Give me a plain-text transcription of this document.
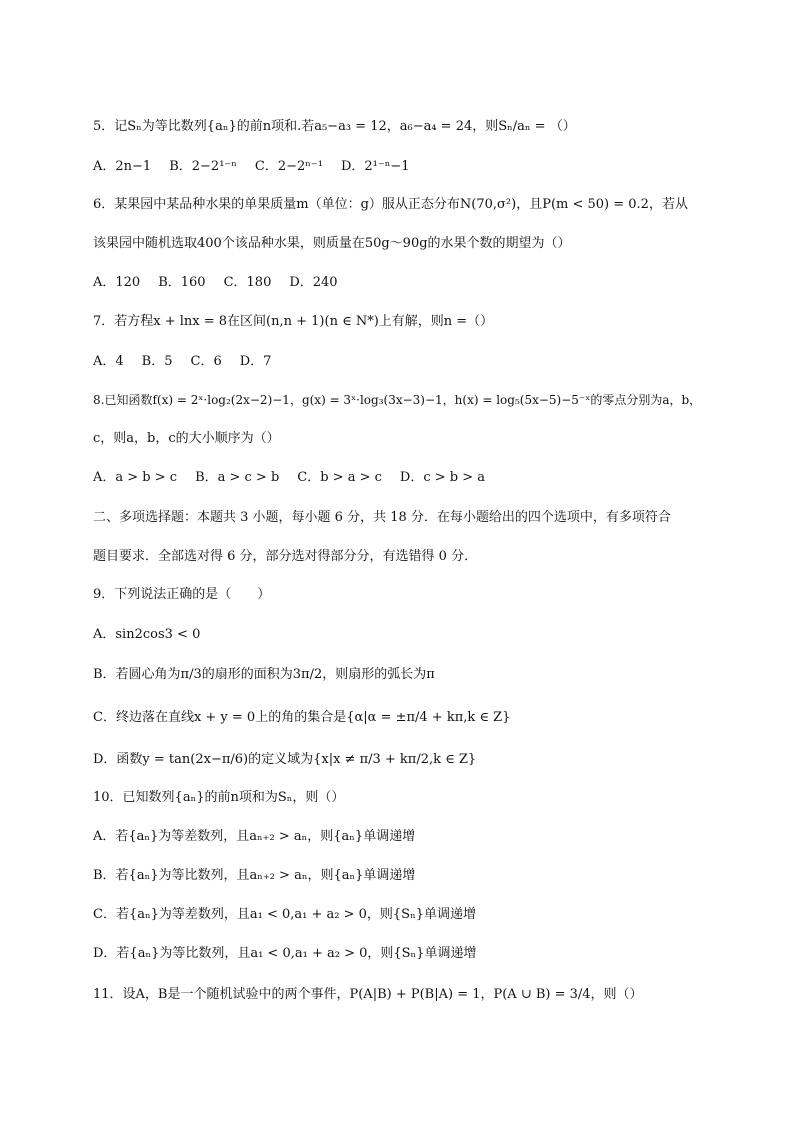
5．记Sₙ为等比数列{aₙ}的前n项和.若a₅−a₃ = 12，a₆−a₄ = 24，则Sₙ/aₙ = （）
A．2n−1 B．2−2¹⁻ⁿ C．2−2ⁿ⁻¹ D．2¹⁻ⁿ−1
6．某果园中某品种水果的单果质量m（单位：g）服从正态分布N(70,σ²)，且P(m < 50) = 0.2，若从
该果园中随机选取400个该品种水果，则质量在50g～90g的水果个数的期望为（）
A．120 B．160 C．180 D．240
7．若方程x + lnx = 8在区间(n,n + 1)(n ∈ N*)上有解，则n =（）
A．4 B．5 C．6 D．7
8.已知函数f(x) = 2ˣ·log₂(2x−2)−1，g(x) = 3ˣ·log₃(3x−3)−1，h(x) = log₅(5x−5)−5⁻ˣ的零点分别为a，b，
c，则a，b，c的大小顺序为（）
A．a > b > c B．a > c > b C．b > a > c D．c > b > a
二、多项选择题：本题共 3 小题，每小题 6 分，共 18 分．在每小题给出的四个选项中，有多项符合
题目要求．全部选对得 6 分，部分选对得部分分，有选错得 0 分．
9．下列说法正确的是（　　）
A．sin2cos3 < 0
B．若圆心角为π/3的扇形的面积为3π/2，则扇形的弧长为π
C．终边落在直线x + y = 0上的角的集合是{α|α = ±π/4 + kπ,k ∈ Z}
D．函数y = tan(2x−π/6)的定义域为{x|x ≠ π/3 + kπ/2,k ∈ Z}
10．已知数列{aₙ}的前n项和为Sₙ，则（）
A．若{aₙ}为等差数列，且aₙ₊₂ > aₙ，则{aₙ}单调递增
B．若{aₙ}为等比数列，且aₙ₊₂ > aₙ，则{aₙ}单调递增
C．若{aₙ}为等差数列，且a₁ < 0,a₁ + a₂ > 0，则{Sₙ}单调递增
D．若{aₙ}为等比数列，且a₁ < 0,a₁ + a₂ > 0，则{Sₙ}单调递增
11．设A，B是一个随机试验中的两个事件，P(A|B) + P(B|A) = 1，P(A ∪ B) = 3/4，则（）
